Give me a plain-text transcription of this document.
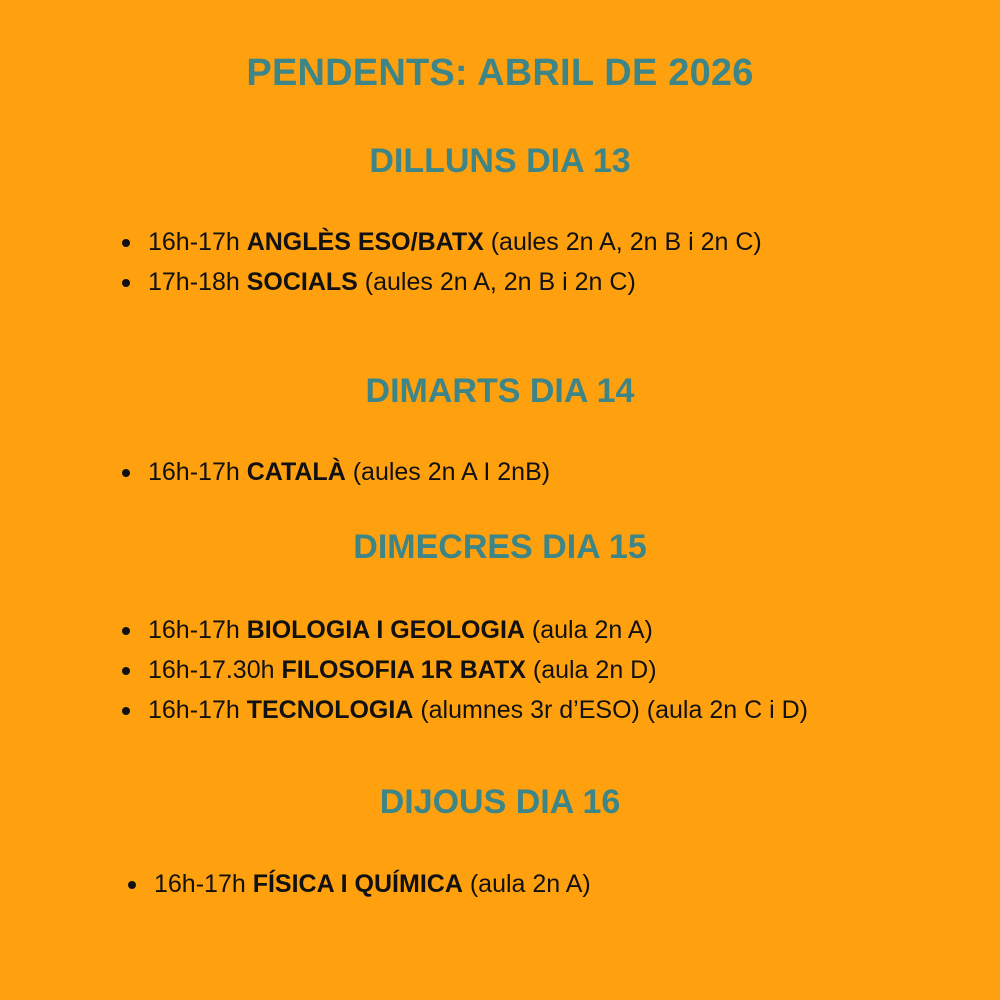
PENDENTS: ABRIL DE 2026
DILLUNS DIA 13
16h-17h ANGLÈS ESO/BATX (aules 2n A, 2n B i 2n C)
17h-18h SOCIALS (aules 2n A, 2n B i 2n C)
DIMARTS DIA 14
16h-17h CATALÀ (aules 2n A I 2nB)
DIMECRES DIA 15
16h-17h BIOLOGIA I GEOLOGIA (aula 2n A)
16h-17.30h FILOSOFIA 1R BATX (aula 2n D)
16h-17h TECNOLOGIA (alumnes 3r d’ESO) (aula 2n C i D)
DIJOUS DIA 16
16h-17h FÍSICA I QUÍMICA (aula 2n A)
